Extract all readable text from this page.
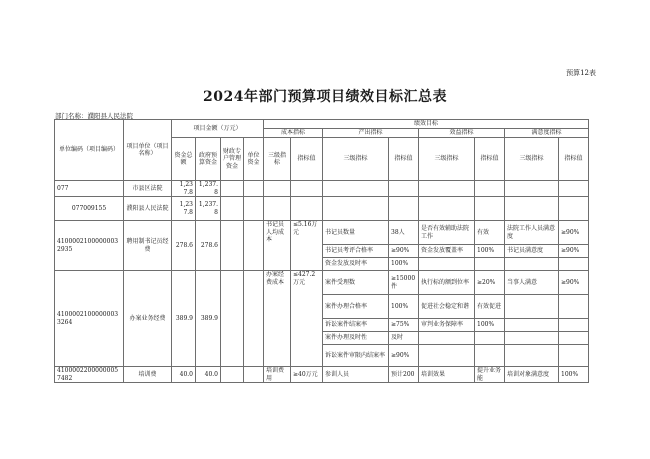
预算12表
2024年部门预算项目绩效目标汇总表
部门名称：濮阳县人民法院
单位编码（项目编码）	项目单位（项目名称）	项目金额（万元）				绩效目标							
						成本指标		产出指标		效益指标		满意度指标	
		资金总额	政府预算资金	财政专户管理资金	单位资金	三级指标	指标值	三级指标	指标值	三级指标	指标值	三级指标	指标值
077	市县区法院	1,237.8	1,237.8										
077009155	濮阳县人民法院	1,237.8	1,237.8										
41000021000000032935	聘用制书记员经费	278.6	278.6			书记员人均成本	≤5.16万元	书记员数量	38人	是否有效辅助法院工作	有效	法院工作人员满意度	≥90%
								书记员考评合格率	≥90%	资金发放覆盖率	100%	书记员满意度	≥90%
								资金发放及时率	100%				
41000021000000033264	办案业务经费	389.9	389.9			办案经费成本	≤427.2万元	案件受理数	≥15000件	执行标的额到位率	≥20%	当事人满意	≥90%
								案件办理合格率	100%	促进社会稳定和谐	有效促进		
								诉讼案件结案率	≥75%	审判业务保障率	100%		
								案件办理及时性	及时				
								诉讼案件审限内结案率	≥90%				
41000022000000057482	培训费	40.0	40.0			培训费用	≥40万元	参训人员	预计200	培训效果	提升业务能	培训对象满意度	100%
